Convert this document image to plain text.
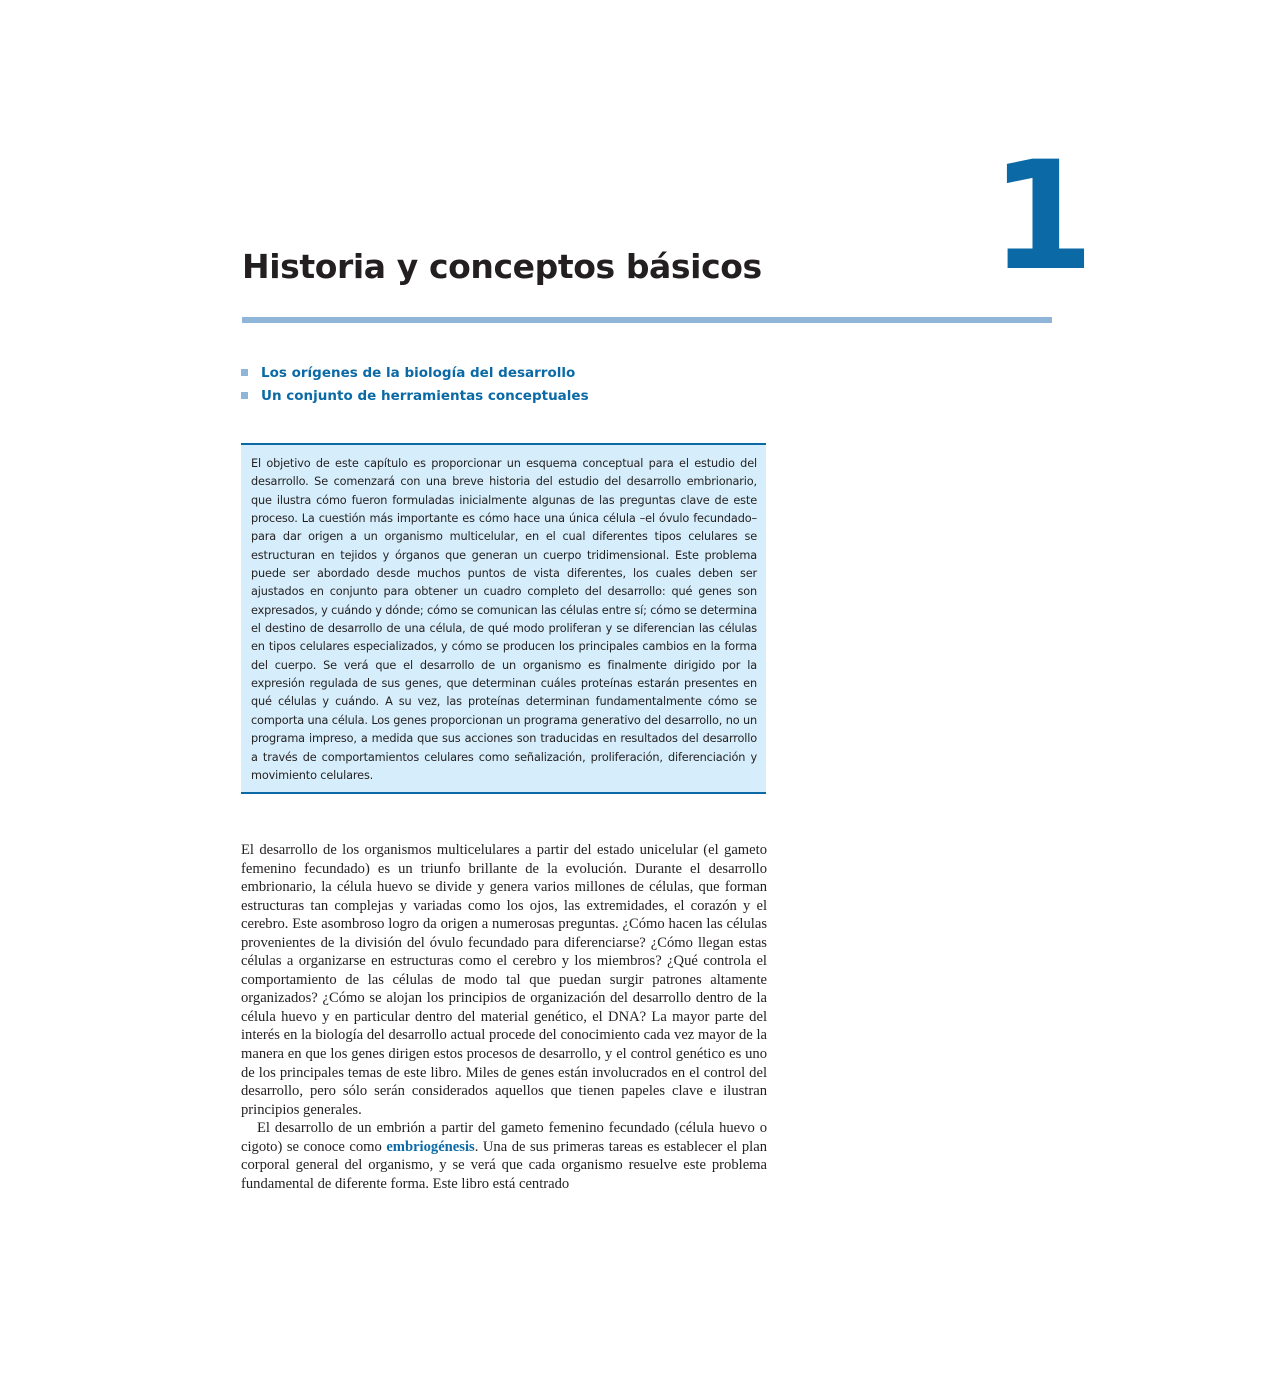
1
Historia y conceptos básicos
Los orígenes de la biología del desarrollo
Un conjunto de herramientas conceptuales

El objetivo de este capítulo es proporcionar un esquema conceptual para el estudio del desarrollo. Se comenzará con una breve historia del estudio del desarrollo embrionario, que ilustra cómo fueron formuladas inicialmente algunas de las preguntas clave de este proceso. La cuestión más importante es cómo hace una única célula –el óvulo fecundado– para dar origen a un organismo multicelular, en el cual diferentes tipos celulares se estructuran en tejidos y órganos que generan un cuerpo tridimensional. Este problema puede ser abordado desde muchos puntos de vista diferentes, los cuales deben ser ajustados en conjunto para obtener un cuadro completo del desarrollo: qué genes son expresados, y cuándo y dónde; cómo se comunican las células entre sí; cómo se determina el destino de desarrollo de una célula, de qué modo proliferan y se diferencian las células en tipos celulares especializados, y cómo se producen los principales cambios en la forma del cuerpo. Se verá que el desarrollo de un organismo es finalmente dirigido por la expresión regulada de sus genes, que determinan cuáles proteínas estarán presentes en qué células y cuándo. A su vez, las proteínas determinan fundamentalmente cómo se comporta una célula. Los genes proporcionan un programa generativo del desarrollo, no un programa impreso, a medida que sus acciones son traducidas en resultados del desarrollo a través de comportamientos celulares como señalización, proliferación, diferenciación y movimiento celulares.

El desarrollo de los organismos multicelulares a partir del estado unicelular (el gameto femenino fecundado) es un triunfo brillante de la evolución. Durante el desarrollo embrionario, la célula huevo se divide y genera varios millones de células, que forman estructuras tan complejas y variadas como los ojos, las extremidades, el corazón y el cerebro. Este asombroso logro da origen a numerosas preguntas. ¿Cómo hacen las células provenientes de la división del óvulo fecundado para diferenciarse? ¿Cómo llegan estas células a organizarse en estructuras como el cerebro y los miembros? ¿Qué controla el comportamiento de las células de modo tal que puedan surgir patrones altamente organizados? ¿Cómo se alojan los principios de organización del desarrollo dentro de la célula huevo y en particular dentro del material genético, el DNA? La mayor parte del interés en la biología del desarrollo actual procede del conocimiento cada vez mayor de la manera en que los genes dirigen estos procesos de desarrollo, y el control genético es uno de los principales temas de este libro. Miles de genes están involucrados en el control del desarrollo, pero sólo serán considerados aquellos que tienen papeles clave e ilustran principios generales.

El desarrollo de un embrión a partir del gameto femenino fecundado (célula huevo o cigoto) se conoce como embriogénesis. Una de sus primeras tareas es establecer el plan corporal general del organismo, y se verá que cada organismo resuelve este problema fundamental de diferente forma. Este libro está centrado
